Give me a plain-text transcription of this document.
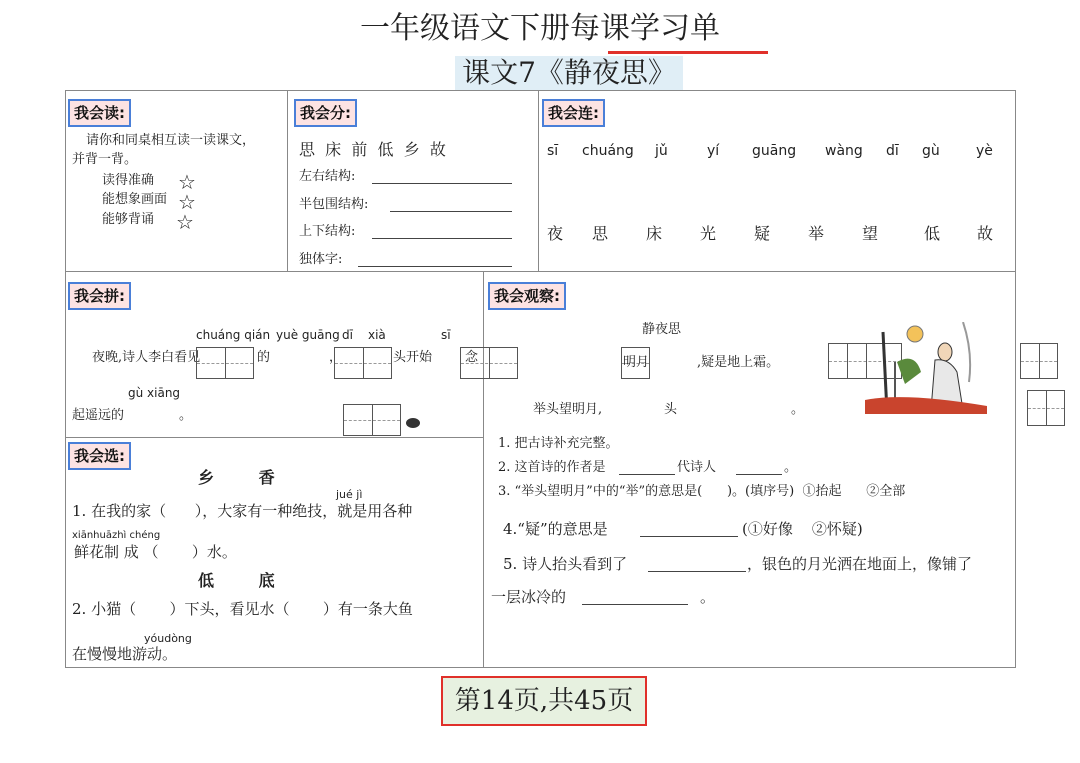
一年级语文下册每课学习单
课文7《静夜思》
我会读:
请你和同桌相互读一读课文，
并背一背。
读得准确
能想象画面
能够背诵
☆
☆
☆
我会分:
思  床  前  低  乡  故
左右结构:
半包围结构:
上下结构:
独体字:
我会连:
sī chuáng jǔ	yí guāng wàng dī gù	yè
夜 思 床 光 疑 举 望	低 故
我会拼:
chuáng qián yuè guāng dī xià	sī
夜晚,诗人李白看见
	的
	，
	头开始
	念
gù xiāng
起遥远的
	。
我会观察:
静夜思

明月
	,疑是地上霜。
举头望明月,
	头	。
1. 把古诗补充完整。
2. 这首诗的作者是	代诗人	。
3. “举头望明月”中的“举”的意思是(      )。(填序号)  ①抬起      ②全部
4.“疑”的意思是	(①好像    ②怀疑)
5. 诗人抬头看到了	，银色的月光洒在地面上，像铺了
一层冰冷的	。
我会选:
乡        香
jué jì
1. 在我的家（      ），大家有一种绝技，就是用各种
xiānhuāzhì chéng
鲜花制 成 （       ）水。
低        底
2. 小猫（       ）下头，看见水（       ）有一条大鱼
yóudòng
在慢慢地游动。
第14页,共45页
